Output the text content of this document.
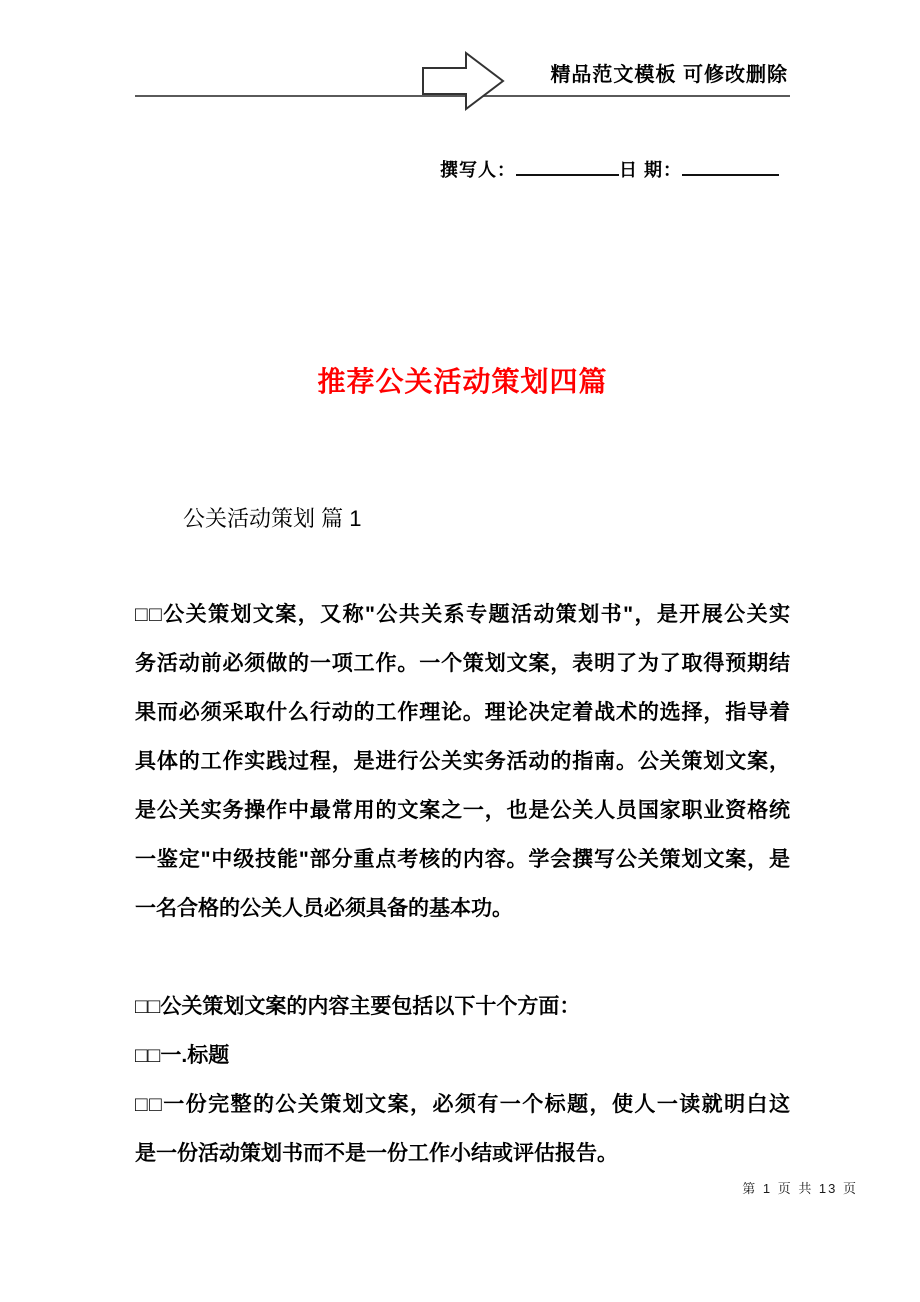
精品范文模板 可修改删除
撰写人：	日 期：
推荐公关活动策划四篇
公关活动策划 篇 1
□□公关策划文案，又称"公共关系专题活动策划书"，是开展公关实
务活动前必须做的一项工作。一个策划文案，表明了为了取得预期结
果而必须采取什么行动的工作理论。理论决定着战术的选择，指导着
具体的工作实践过程，是进行公关实务活动的指南。公关策划文案，
是公关实务操作中最常用的文案之一，也是公关人员国家职业资格统
一鉴定"中级技能"部分重点考核的内容。学会撰写公关策划文案，是
一名合格的公关人员必须具备的基本功。
□□公关策划文案的内容主要包括以下十个方面：
□□一.标题
□□一份完整的公关策划文案，必须有一个标题，使人一读就明白这
是一份活动策划书而不是一份工作小结或评估报告。
第 1 页 共 13 页
